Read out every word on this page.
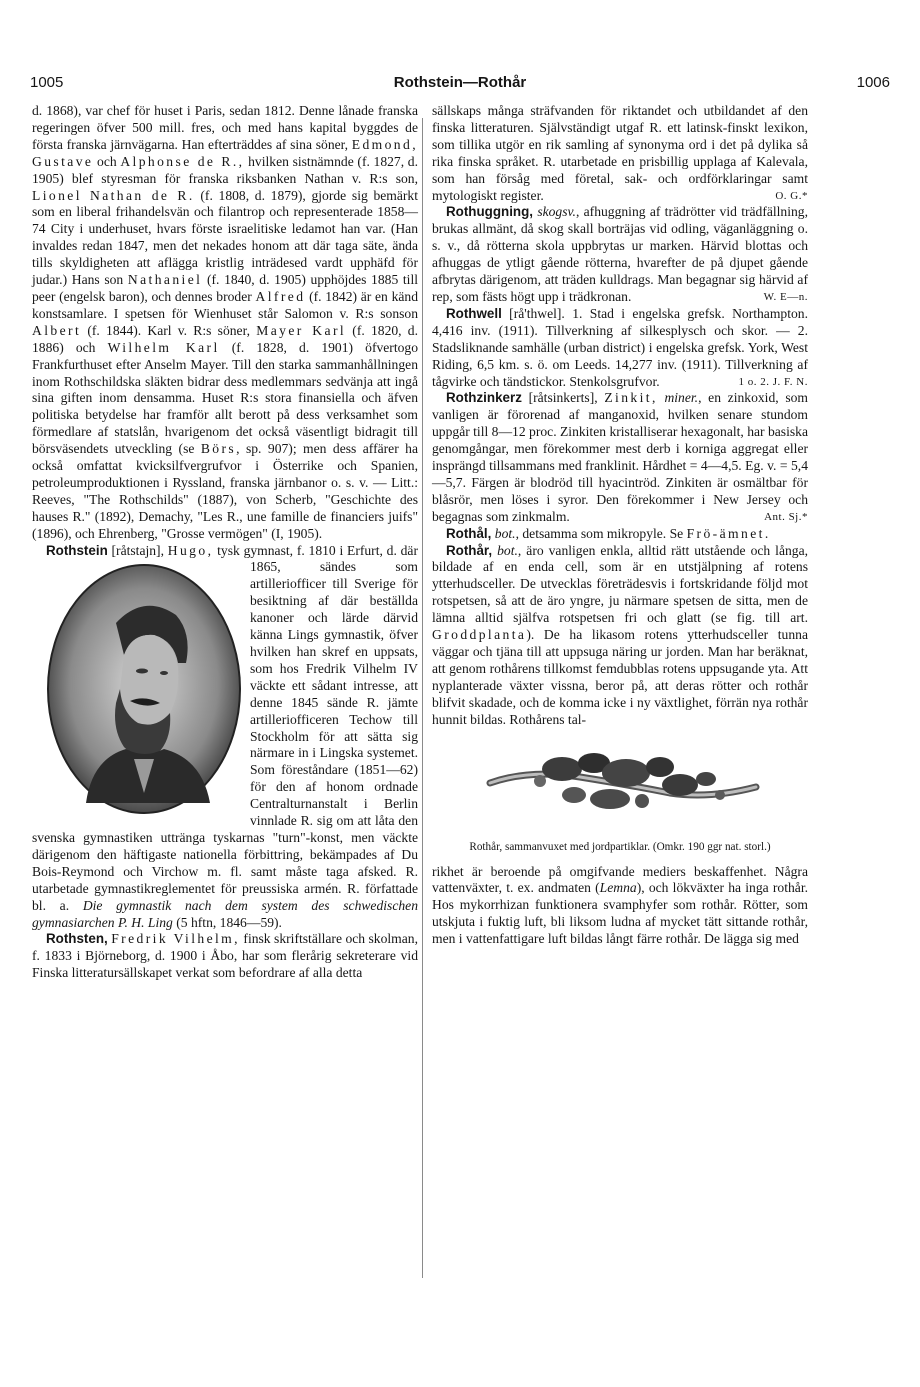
1005	Rothstein—Rothår	1006

d. 1868), var chef för huset i Paris, sedan 1812. Denne lånade franska regeringen öfver 500 mill. fres, och med hans kapital byggdes de första franska järnvägarna. Han efterträddes af sina söner, Edmond, Gustave och Alphonse de R., hvilken sistnämnde (f. 1827, d. 1905) blef styresman för franska riksbanken Nathan v. R:s son, Lionel Nathan de R. (f. 1808, d. 1879), gjorde sig bemärkt som en liberal frihandelsvän och filantrop och representerade 1858—74 City i underhuset, hvars förste israelitiske ledamot han var. (Han invaldes redan 1847, men det nekades honom att där taga säte, ända tills skyldigheten att aflägga kristlig inträdesed vardt upphäfd för judar.) Hans son Nathaniel (f. 1840, d. 1905) upphöjdes 1885 till peer (engelsk baron), och dennes broder Alfred (f. 1842) är en känd konstsamlare. I spetsen för Wienhuset står Salomon v. R:s sonson Albert (f. 1844). Karl v. R:s söner, Mayer Karl (f. 1820, d. 1886) och Wilhelm Karl (f. 1828, d. 1901) öfvertogo Frankfurthuset efter Anselm Mayer. Till den starka sammanhållningen inom Rothschildska släkten bidrar dess medlemmars sedvänja att ingå sina giften inom densamma. Huset R:s stora finansiella och äfven politiska betydelse har framför allt berott på dess verksamhet som förmedlare af statslån, hvarigenom det också väsentligt bidragit till börsväsendets utveckling (se Börs, sp. 907); men dess affärer ha också omfattat kvicksilfvergrufvor i Österrike och Spanien, petroleumproduktionen i Ryssland, franska järnbanor o. s. v. — Litt.: Reeves, "The Rothschilds" (1887), von Scherb, "Geschichte des hauses R." (1892), Demachy, "Les R., une famille de financiers juifs" (1896), och Ehrenberg, "Grosse vermögen" (I, 1905).

Rothstein [råtstajn], Hugo,
tysk gymnast, f. 1810 i Erfurt, d. där 1865, sändes som artilleriofficer till Sverige för besiktning af där beställda kanoner och lärde därvid känna Lings gymnastik, öfver hvilken han skref en uppsats, som hos Fredrik Vilhelm IV väckte ett sådant intresse, att denne 1845 sände R. jämte artilleriofficeren Techow till Stockholm för att sätta sig närmare in i Lingska systemet. Som föreståndare (1851—62) för den af honom ordnade Centralturnanstalt i Berlin vinnlade R. sig om att låta den svenska gymnastiken utträngа tyskarnas "turn"-konst, men väckte därigenom den häftigaste nationella förbittring, bekämpades af Du Bois-Reymond och Virchow m. fl. samt måste taga afsked. R. utarbetade gymnastikreglementet för preussiska armén. R. författade bl. a. Die gymnastik nach dem system des schwedischen gymnasiarchen P. H. Ling (5 hftn, 1846—59).

Rothsten, Fredrik Vilhelm, finsk skriftställare och skolman, f. 1833 i Björneborg, d. 1900 i Åbo, har som flerårig sekreterare vid Finska litteratursällskapet verkat som befordrare af alla detta

sällskaps många sträfvanden för riktandet och utbildandet af den finska litteraturen. Självständigt utgaf R. ett latinsk-finskt lexikon, som tillika utgör en rik samling af synonyma ord i det på dylika så rika finska språket. R. utarbetade en prisbillig upplaga af Kalevala, som han försåg med företal, sak- och ordförklaringar samt mytologiskt register.	O. G.*

Rothuggning, skogsv., afhuggning af trädrötter vid trädfällning, brukas allmänt, då skog skall borträjas vid odling, väganläggning o. s. v., då rötterna skola uppbrytas ur marken. Härvid blottas och afhuggas de ytligt gående rötterna, hvarefter de på djupet gående afbrytas därigenom, att träden kulldrags. Man begagnar sig härvid af rep, som fästs högt upp i trädkronan.	W. E—n.

Rothwell [rå'thwel]. 1. Stad i engelska grefsk. Northampton. 4,416 inv. (1911). Tillverkning af silkesplysch och skor. — 2. Stadsliknande samhälle (urban district) i engelska grefsk. York, West Riding, 6,5 km. s. ö. om Leeds. 14,277 inv. (1911). Tillverkning af tågvirke och tändstickor. Stenkolsgrufvor.	1 o. 2. J. F. N.

Rothzinkerz [råtsinkerts], Zinkit, miner., en zinkoxid, som vanligen är förorenad af manganoxid, hvilken senare stundom uppgår till 8—12 proc. Zinkiten kristalliserar hexagonalt, har basiska genomgångar, men förekommer mest derb i korniga aggregat eller insprängd tillsammans med franklinit. Hårdhet = 4—4,5. Eg. v. = 5,4—5,7. Färgen är blodröd till hyacintröd. Zinkiten är osmältbar för blåsrör, men löses i syror. Den förekommer i New Jersey och begagnas som zinkmalm.	Ant. Sj.*

Rothål, bot., detsamma som mikropyle. Se Frö-ämnet.

Rothår, bot., äro vanligen enkla, alltid rätt utstående och långa, bildade af en enda cell, som är en utstjälpning af rotens ytterhudsceller. De utvecklas företrädesvis i fortskridande följd mot rotspetsen, så att de äro yngre, ju närmare spetsen de sitta, men de lämna alltid själfva rotspetsen fri och glatt (se fig. till art. Groddplanta). De ha likasom rotens ytterhudsceller tunna väggar och tjäna till att uppsuga näring ur jorden. Man har beräknat, att genom rothårens tillkomst femdubblas rotens uppsugande yta. Att nyplanterade växter vissna, beror på, att deras rötter och rothår blifvit skadade, och de komma icke i ny växtlighet, förrän nya rothår hunnit bildas. Rothårens tal-

Rothår, sammanvuxet med jordpartiklar. (Omkr. 190 ggr nat. storl.)

rikhet är beroende på omgifvande mediers beskaffenhet. Några vattenväxter, t. ex. andmaten (Lemna), och lökväxter ha inga rothår. Hos mykorrhizan funktionera svamphyfer som rothår. Rötter, som utskjuta i fuktig luft, bli liksom ludna af mycket tätt sittande rothår, men i vattenfattigare luft bildas långt färre rothår. De lägga sig med
